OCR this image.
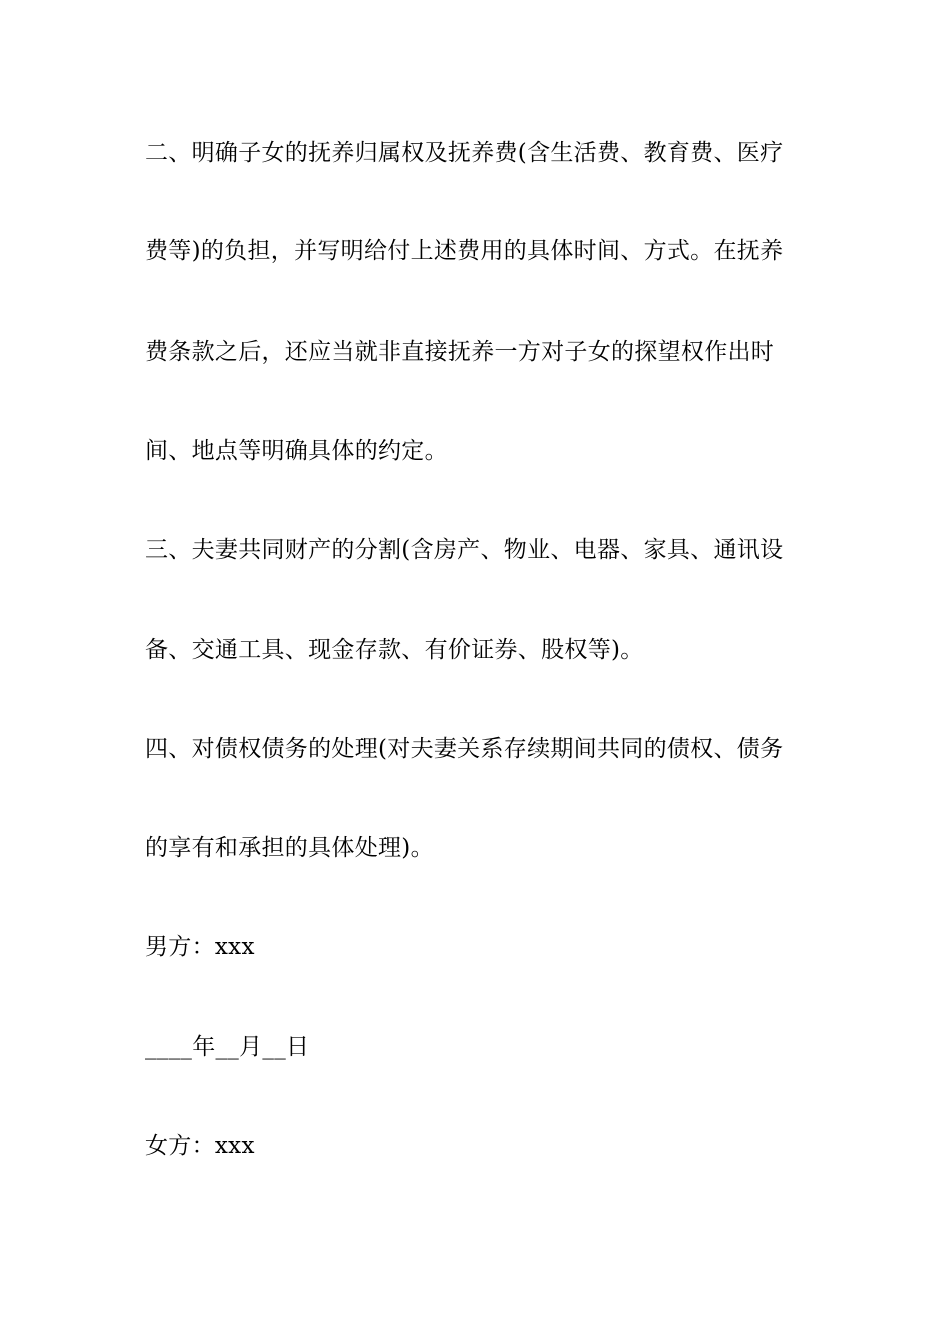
二、明确子女的抚养归属权及抚养费(含生活费、教育费、医疗
费等)的负担，并写明给付上述费用的具体时间、方式。在抚养
费条款之后，还应当就非直接抚养一方对子女的探望权作出时
间、地点等明确具体的约定。
三、夫妻共同财产的分割(含房产、物业、电器、家具、通讯设
备、交通工具、现金存款、有价证券、股权等)。
四、对债权债务的处理(对夫妻关系存续期间共同的债权、债务
的享有和承担的具体处理)。
男方：xxx
____年__月__日
女方：xxx
